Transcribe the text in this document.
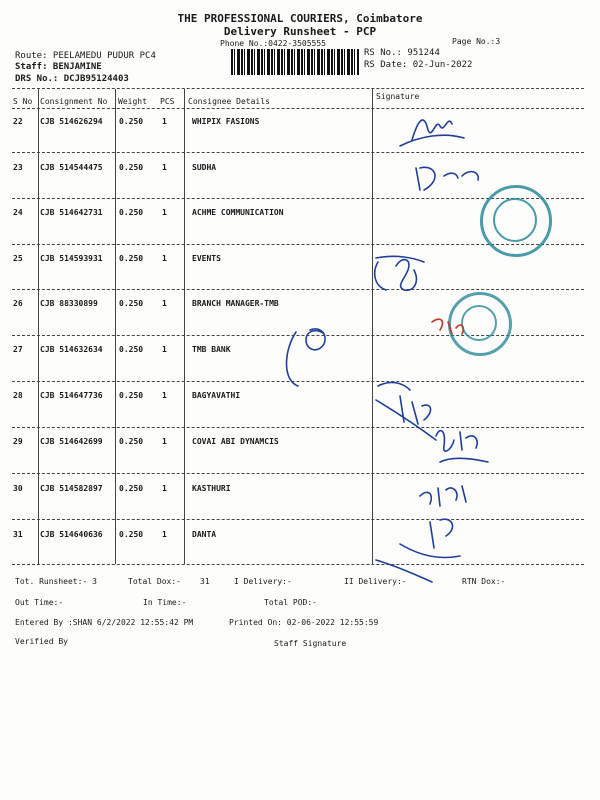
THE PROFESSIONAL COURIERS, Coimbatore
Delivery Runsheet - PCP
Phone No.:0422-3505555	Page No.:3
Route: PEELAMEDU PUDUR PC4
Staff: BENJAMINE
DRS No.: DCJB95124403
RS No.: 951244
RS Date: 02-Jun-2022
S No Consignment No Weight PCS Consignee Details
Signature
22 CJB 514626294 0.250 1	WHIPIX FASIONS
23 CJB 514544475 0.250 1	SUDHA
24 CJB 514642731 0.250 1	ACHME COMMUNICATION
25 CJB 514593931 0.250 1	EVENTS
26 CJB 88330899	0.250 1	BRANCH MANAGER-TMB
27 CJB 514632634 0.250 1	TMB BANK
28 CJB 514647736 0.250 1	BAGYAVATHI
29 CJB 514642699 0.250 1	COVAI ABI DYNAMCIS
30 CJB 514582897 0.250 1	KASTHURI
31 CJB 514640636 0.250 1	DANTA
Tot. Runsheet:- 3	Total Dox:- 31	I Delivery:-	II Delivery:-	RTN Dox:-
Out Time:-	In Time:-	Total POD:-
Entered By :SHAN 6/2/2022 12:55:42 PM	Printed On: 02-06-2022 12:55:59
Verified By	Staff Signature
